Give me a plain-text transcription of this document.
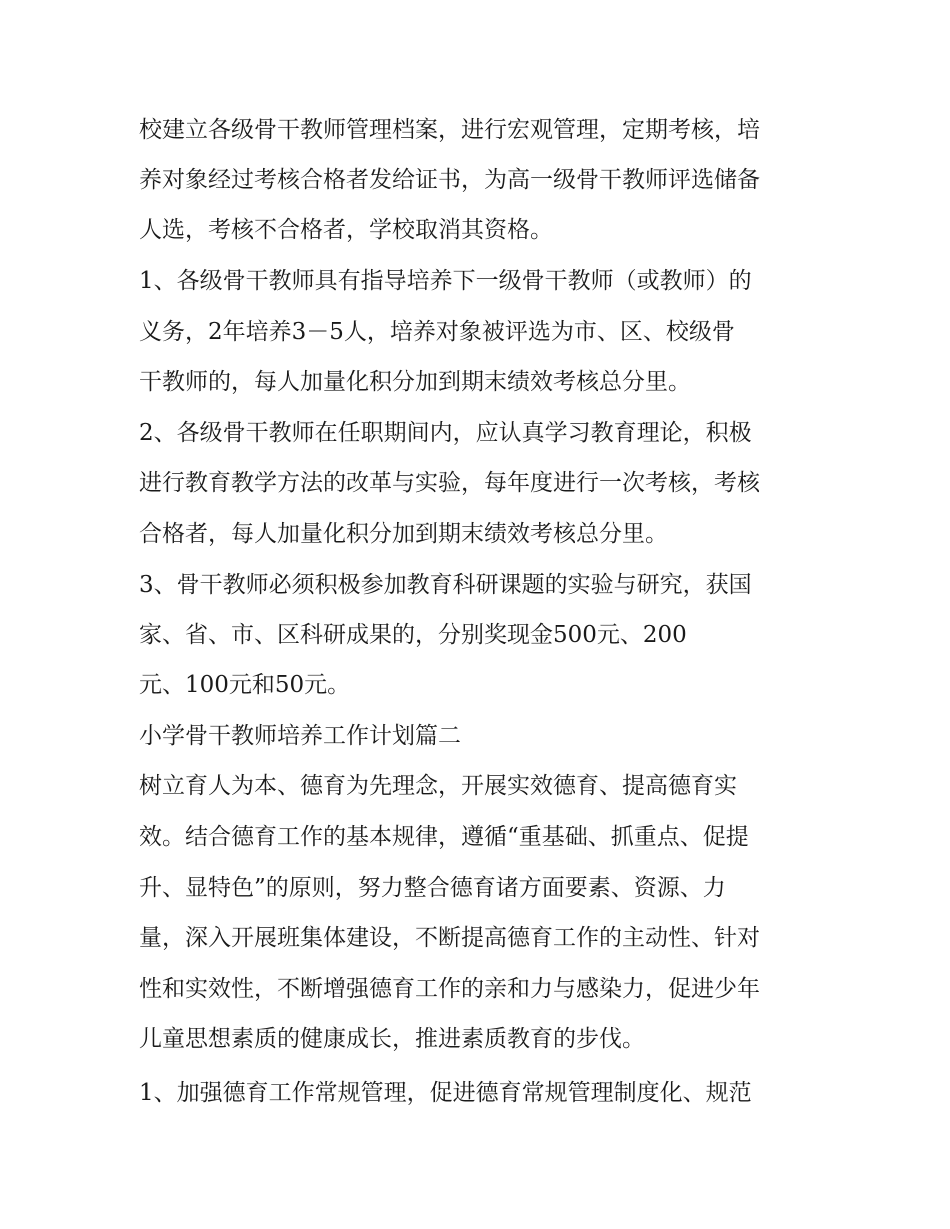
校建立各级骨干教师管理档案，进行宏观管理，定期考核，培
养对象经过考核合格者发给证书，为高一级骨干教师评选储备
人选，考核不合格者，学校取消其资格。
1、各级骨干教师具有指导培养下一级骨干教师（或教师）的
义务，2年培养3－5人，培养对象被评选为市、区、校级骨
干教师的，每人加量化积分加到期末绩效考核总分里。
2、各级骨干教师在任职期间内，应认真学习教育理论，积极
进行教育教学方法的改革与实验，每年度进行一次考核，考核
合格者，每人加量化积分加到期末绩效考核总分里。
3、骨干教师必须积极参加教育科研课题的实验与研究，获国
家、省、市、区科研成果的，分别奖现金500元、200
元、100元和50元。
小学骨干教师培养工作计划篇二
树立育人为本、德育为先理念，开展实效德育、提高德育实
效。结合德育工作的基本规律，遵循“重基础、抓重点、促提
升、显特色”的原则，努力整合德育诸方面要素、资源、力
量，深入开展班集体建设，不断提高德育工作的主动性、针对
性和实效性，不断增强德育工作的亲和力与感染力，促进少年
儿童思想素质的健康成长，推进素质教育的步伐。
1、加强德育工作常规管理，促进德育常规管理制度化、规范
